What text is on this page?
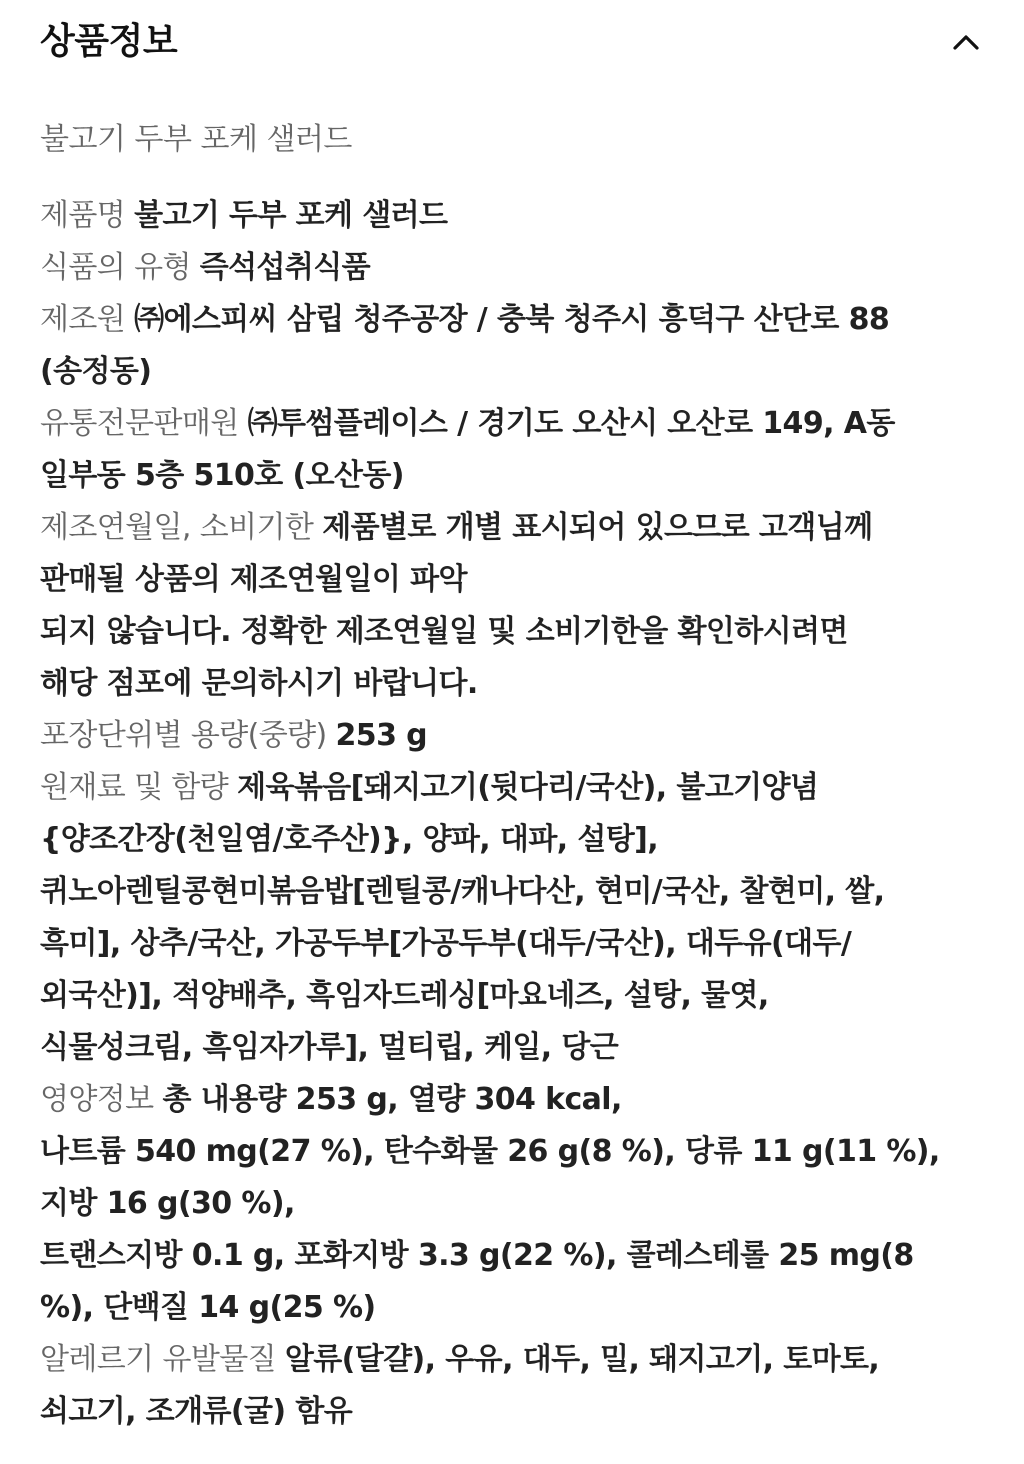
상품정보
불고기 두부 포케 샐러드
제품명 불고기 두부 포케 샐러드
식품의 유형 즉석섭취식품
제조원 ㈜에스피씨 삼립 청주공장 / 충북 청주시 흥덕구 산단로 88
(송정동)
유통전문판매원 ㈜투썸플레이스 / 경기도 오산시 오산로 149, A동
일부동 5층 510호 (오산동)
제조연월일, 소비기한 제품별로 개별 표시되어 있으므로 고객님께
판매될 상품의 제조연월일이 파악
되지 않습니다. 정확한 제조연월일 및 소비기한을 확인하시려면
해당 점포에 문의하시기 바랍니다.
포장단위별 용량(중량) 253 g
원재료 및 함량 제육볶음[돼지고기(뒷다리/국산), 불고기양념
{양조간장(천일염/호주산)}, 양파, 대파, 설탕],
퀴노아렌틸콩현미볶음밥[렌틸콩/캐나다산, 현미/국산, 찰현미, 쌀,
흑미], 상추/국산, 가공두부[가공두부(대두/국산), 대두유(대두/
외국산)], 적양배추, 흑임자드레싱[마요네즈, 설탕, 물엿,
식물성크림, 흑임자가루], 멀티립, 케일, 당근
영양정보 총 내용량 253 g, 열량 304 kcal,
나트륨 540 mg(27 %), 탄수화물 26 g(8 %), 당류 11 g(11 %),
지방 16 g(30 %),
트랜스지방 0.1 g, 포화지방 3.3 g(22 %), 콜레스테롤 25 mg(8
%), 단백질 14 g(25 %)
알레르기 유발물질 알류(달걀), 우유, 대두, 밀, 돼지고기, 토마토,
쇠고기, 조개류(굴) 함유
